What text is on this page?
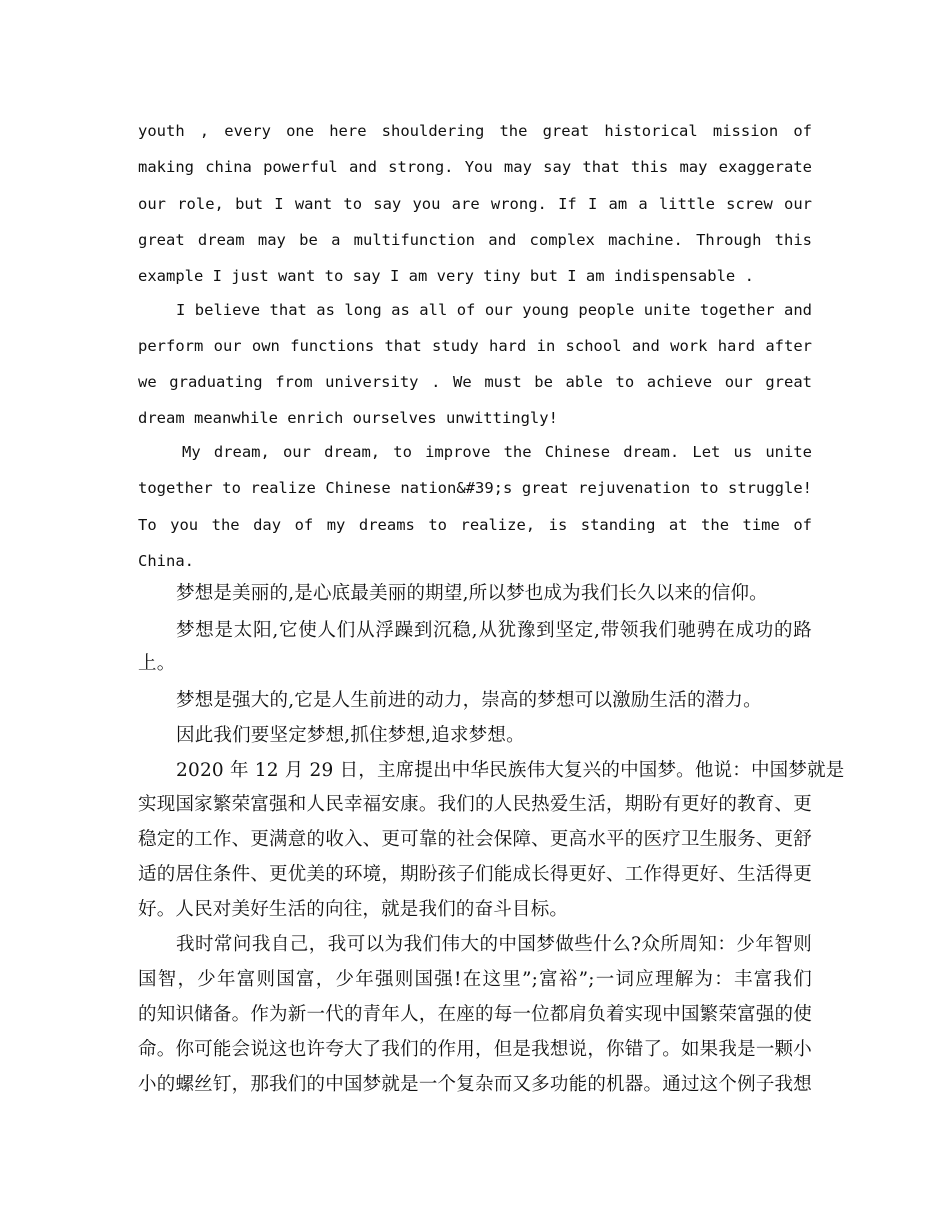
youth , every one here shouldering the great historical mission of

making china powerful and strong. You may say that this may exaggerate

our role, but I want to say you are wrong. If I am a little screw our

great dream may be a multifunction and complex machine. Through this

example I just want to say I am very tiny but I am indispensable .

I believe that as long as all of our young people unite together and

perform our own functions that study hard in school and work hard after

we graduating from university . We must be able to achieve our great

dream meanwhile enrich ourselves unwittingly!

My dream, our dream, to improve the Chinese dream. Let us unite

together to realize Chinese nation&#39;s great rejuvenation to struggle!

To you the day of my dreams to realize, is standing at the time of

China.

梦想是美丽的,是心底最美丽的期望,所以梦也成为我们长久以来的信仰。

梦想是太阳,它使人们从浮躁到沉稳,从犹豫到坚定,带领我们驰骋在成功的路

上。

梦想是强大的,它是人生前进的动力，崇高的梦想可以激励生活的潜力。

因此我们要坚定梦想,抓住梦想,追求梦想。

2020 年 12 月 29 日，主席提出中华民族伟大复兴的中国梦。他说：中国梦就是

实现国家繁荣富强和人民幸福安康。我们的人民热爱生活，期盼有更好的教育、更

稳定的工作、更满意的收入、更可靠的社会保障、更高水平的医疗卫生服务、更舒

适的居住条件、更优美的环境，期盼孩子们能成长得更好、工作得更好、生活得更

好。人民对美好生活的向往，就是我们的奋斗目标。

我时常问我自己，我可以为我们伟大的中国梦做些什么?众所周知：少年智则

国智，少年富则国富，少年强则国强!在这里”;富裕”;一词应理解为：丰富我们

的知识储备。作为新一代的青年人，在座的每一位都肩负着实现中国繁荣富强的使

命。你可能会说这也许夸大了我们的作用，但是我想说，你错了。如果我是一颗小

小的螺丝钉，那我们的中国梦就是一个复杂而又多功能的机器。通过这个例子我想
